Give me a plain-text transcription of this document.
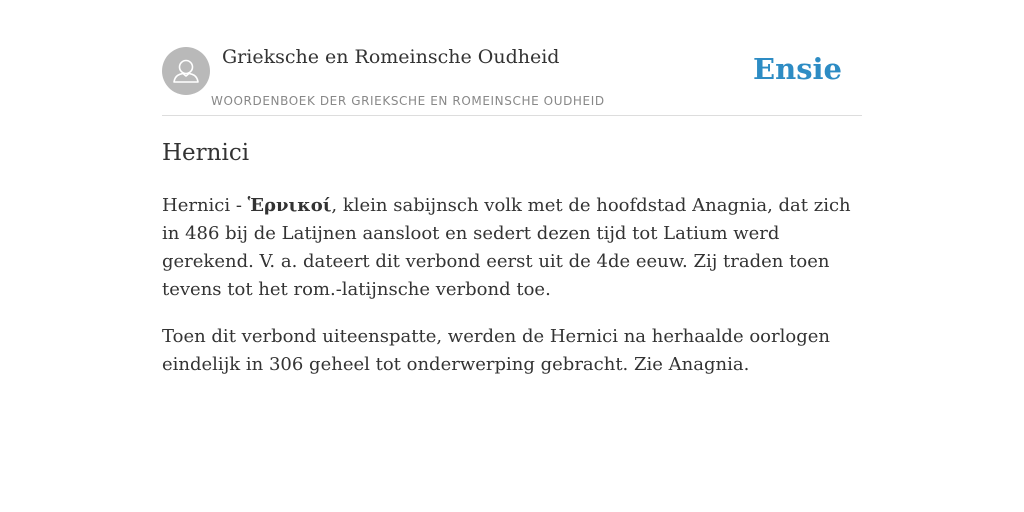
Grieksche en Romeinsche Oudheid
WOORDENBOEK DER GRIEKSCHE EN ROMEINSCHE OUDHEID
Ensie
Hernici

Hernici - Ἑρνικοί, klein sabijnsch volk met de hoofdstad Anagnia, dat zich in 486 bij de Latijnen aansloot en sedert dezen tijd tot Latium werd gerekend. V. a. dateert dit verbond eerst uit de 4de eeuw. Zij traden toen tevens tot het rom.-latijnsche verbond toe.

Toen dit verbond uiteenspatte, werden de Hernici na herhaalde oorlogen eindelijk in 306 geheel tot onderwerping gebracht. Zie Anagnia.
